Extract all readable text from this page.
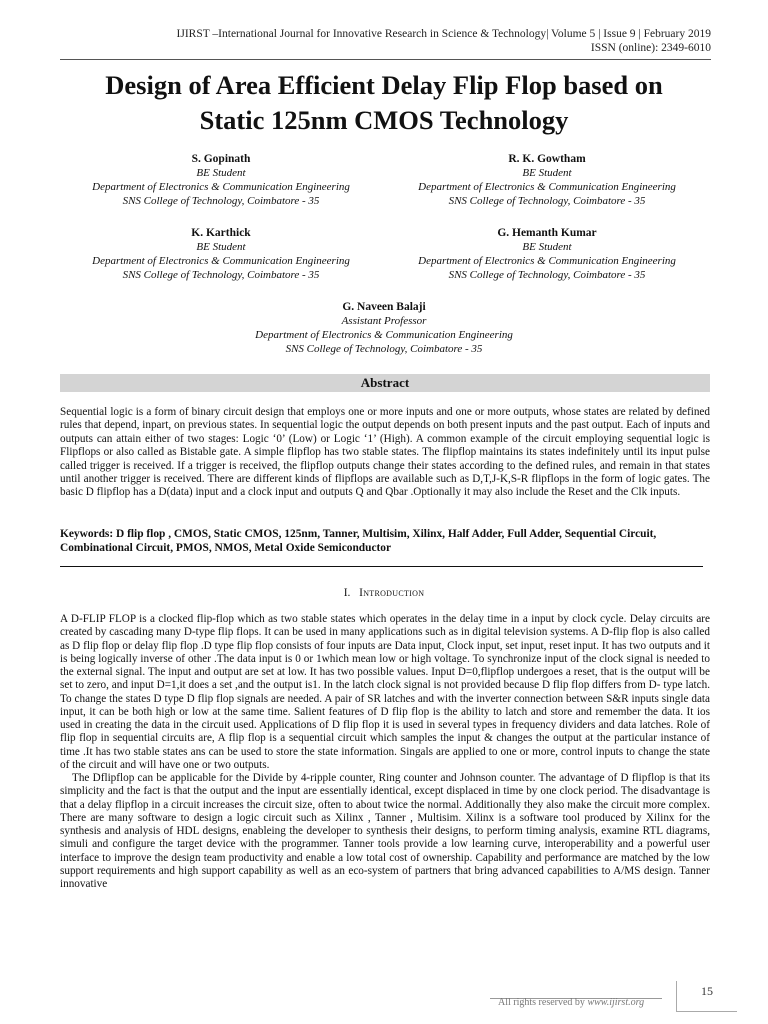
IJIRST –International Journal for Innovative Research in Science & Technology| Volume 5 | Issue 9 | February 2019
ISSN (online): 2349-6010
Design of Area Efficient Delay Flip Flop based on
Static 125nm CMOS Technology
S. Gopinath
BE Student
Department of Electronics & Communication Engineering
SNS College of Technology, Coimbatore - 35
R. K. Gowtham
BE Student
Department of Electronics & Communication Engineering
SNS College of Technology, Coimbatore - 35
K. Karthick
BE Student
Department of Electronics & Communication Engineering
SNS College of Technology, Coimbatore - 35
G. Hemanth Kumar
BE Student
Department of Electronics & Communication Engineering
SNS College of Technology, Coimbatore - 35
G. Naveen Balaji
Assistant Professor
Department of Electronics & Communication Engineering
SNS College of Technology, Coimbatore - 35
Abstract
Sequential logic is a form of binary circuit design that employs one or more inputs and one or more outputs, whose states are related by defined rules that depend, inpart, on previous states. In sequential logic the output depends on both present inputs and the past output. Each of inputs and outputs can attain either of two stages: Logic ‘0’ (Low) or Logic ‘1’ (High). A common example of the circuit employing sequential logic is Flipflops or also called as Bistable gate. A simple flipflop has two stable states. The flipflop maintains its states indefinitely until its input pulse called trigger is received. If a trigger is received, the flipflop outputs change their states according to the defined rules, and remain in that states until another trigger is received. There are different kinds of flipflops are available such as D,T,J-K,S-R flipflops in the form of logic gates. The basic D flipflop has a D(data) input and a clock input and outputs Q and Qbar .Optionally it may also include the Reset and the Clk inputs.
Keywords: D flip flop , CMOS, Static CMOS, 125nm, Tanner, Multisim, Xilinx, Half Adder, Full Adder, Sequential Circuit, Combinational Circuit, PMOS, NMOS, Metal Oxide Semiconductor
I. Introduction

A D-FLIP FLOP is a clocked flip-flop which as two stable states which operates in the delay time in a input by clock cycle. Delay circuits are created by cascading many D-type flip flops. It can be used in many applications such as in digital television systems. A D-flip flop is also called as D flip flop or delay flip flop .D type flip flop consists of four inputs are Data input, Clock input, set input, reset input. It has two outputs and it is being logically inverse of other .The data input is 0 or 1which mean low or high voltage. To synchronize input of the clock signal is needed to the external signal. The input and output are set at low. It has two possible values. Input D=0,flipflop undergoes a reset, that is the output will be set to zero, and input D=1,it does a set ,and the output is1. In the latch clock signal is not provided because D flip flop differs from D- type latch. To change the states D type D flip flop signals are needed. A pair of SR latches and with the inverter connection between S&R inputs single data input, it can be both high or low at the same time. Salient features of D flip flop is the ability to latch and store and remember the data. It ios used in creating the data in the circuit used. Applications of D flip flop it is used in several types in frequency dividers and data latches. Role of flip flop in sequential circuits are, A flip flop is a sequential circuit which samples the input & changes the output at the particular instance of time .It has two stable states ans can be used to store the state information. Singals are applied to one or more, control inputs to change the state of the circuit and will have one or two outputs.

The Dflipflop can be applicable for the Divide by 4-ripple counter, Ring counter and Johnson counter. The advantage of D flipflop is that its simplicity and the fact is that the output and the input are essentially identical, except displaced in time by one clock period. The disadvantage is that a delay flipflop in a circuit increases the circuit size, often to about twice the normal. Additionally they also make the circuit more complex. There are many software to design a logic circuit such as Xilinx , Tanner , Multisim. Xilinx is a software tool produced by Xilinx for the synthesis and analysis of HDL designs, enableing the developer to synthesis their designs, to perform timing analysis, examine RTL diagrams, simuli and configure the target device with the programmer. Tanner tools provide a low learning curve, interoperability and a powerful user interface to improve the design team productivity and enable a low total cost of ownership. Capability and performance are matched by the low support requirements and high support capability as well as an eco-system of partners that bring advanced capabilities to A/MS design. Tanner innovative

All rights reserved by www.ijirst.org
15
